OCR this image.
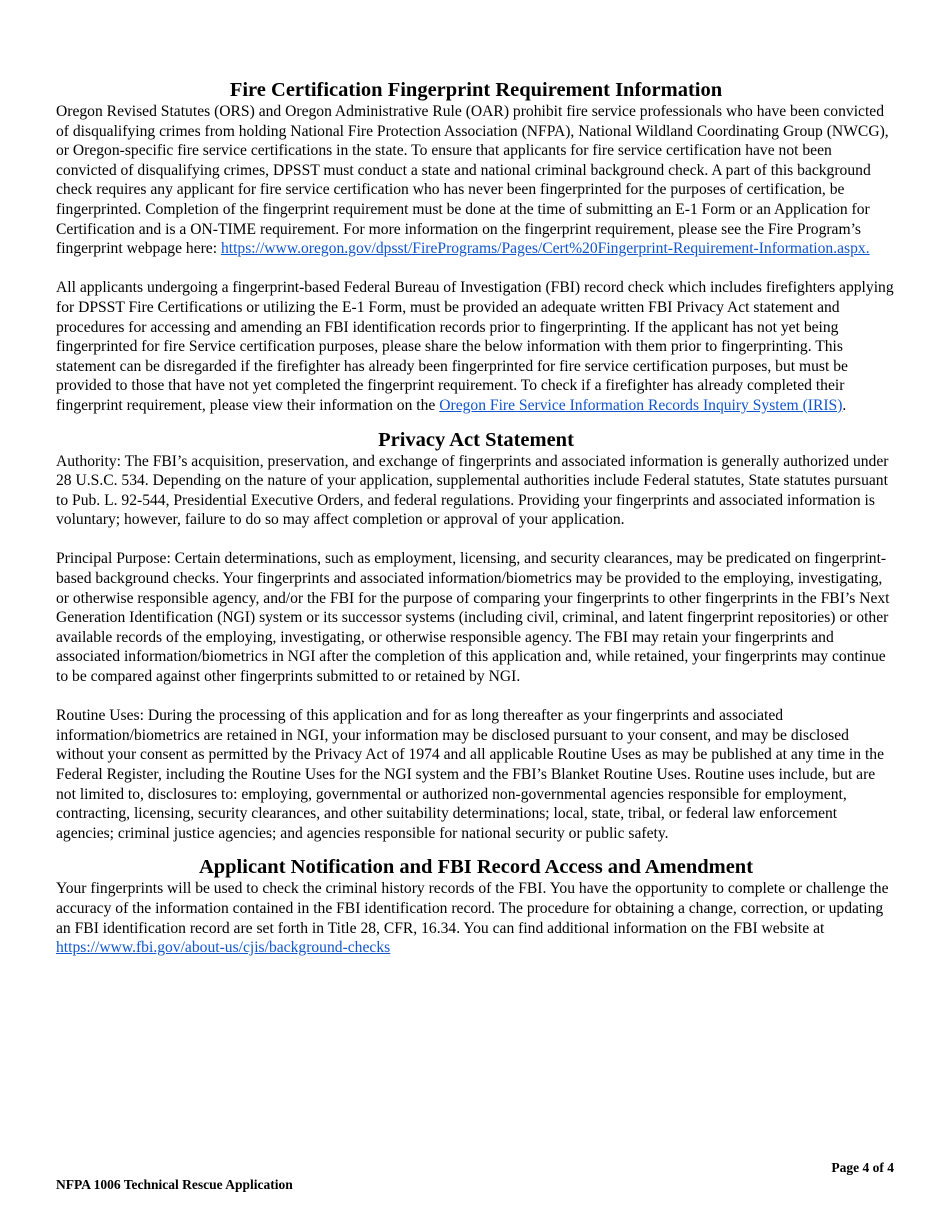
Fire Certification Fingerprint Requirement Information

Oregon Revised Statutes (ORS) and Oregon Administrative Rule (OAR) prohibit fire service professionals who have been convicted of disqualifying crimes from holding National Fire Protection Association (NFPA), National Wildland Coordinating Group (NWCG), or Oregon-specific fire service certifications in the state. To ensure that applicants for fire service certification have not been convicted of disqualifying crimes, DPSST must conduct a state and national criminal background check. A part of this background check requires any applicant for fire service certification who has never been fingerprinted for the purposes of certification, be fingerprinted. Completion of the fingerprint requirement must be done at the time of submitting an E-1 Form or an Application for Certification and is a ON-TIME requirement. For more information on the fingerprint requirement, please see the Fire Program’s fingerprint webpage here: https://www.oregon.gov/dpsst/FirePrograms/Pages/Cert%20Fingerprint-Requirement-Information.aspx.

All applicants undergoing a fingerprint-based Federal Bureau of Investigation (FBI) record check which includes firefighters applying for DPSST Fire Certifications or utilizing the E-1 Form, must be provided an adequate written FBI Privacy Act statement and procedures for accessing and amending an FBI identification records prior to fingerprinting. If the applicant has not yet being fingerprinted for fire Service certification purposes, please share the below information with them prior to fingerprinting. This statement can be disregarded if the firefighter has already been fingerprinted for fire service certification purposes, but must be provided to those that have not yet completed the fingerprint requirement. To check if a firefighter has already completed their fingerprint requirement, please view their information on the Oregon Fire Service Information Records Inquiry System (IRIS).

Privacy Act Statement

Authority: The FBI’s acquisition, preservation, and exchange of fingerprints and associated information is generally authorized under 28 U.S.C. 534. Depending on the nature of your application, supplemental authorities include Federal statutes, State statutes pursuant to Pub. L. 92-544, Presidential Executive Orders, and federal regulations. Providing your fingerprints and associated information is voluntary; however, failure to do so may affect completion or approval of your application.

Principal Purpose: Certain determinations, such as employment, licensing, and security clearances, may be predicated on fingerprint-based background checks. Your fingerprints and associated information/biometrics may be provided to the employing, investigating, or otherwise responsible agency, and/or the FBI for the purpose of comparing your fingerprints to other fingerprints in the FBI’s Next Generation Identification (NGI) system or its successor systems (including civil, criminal, and latent fingerprint repositories) or other available records of the employing, investigating, or otherwise responsible agency. The FBI may retain your fingerprints and associated information/biometrics in NGI after the completion of this application and, while retained, your fingerprints may continue to be compared against other fingerprints submitted to or retained by NGI.

Routine Uses: During the processing of this application and for as long thereafter as your fingerprints and associated information/biometrics are retained in NGI, your information may be disclosed pursuant to your consent, and may be disclosed without your consent as permitted by the Privacy Act of 1974 and all applicable Routine Uses as may be published at any time in the Federal Register, including the Routine Uses for the NGI system and the FBI’s Blanket Routine Uses. Routine uses include, but are not limited to, disclosures to: employing, governmental or authorized non-governmental agencies responsible for employment, contracting, licensing, security clearances, and other suitability determinations; local, state, tribal, or federal law enforcement agencies; criminal justice agencies; and agencies responsible for national security or public safety.

Applicant Notification and FBI Record Access and Amendment

Your fingerprints will be used to check the criminal history records of the FBI. You have the opportunity to complete or challenge the accuracy of the information contained in the FBI identification record. The procedure for obtaining a change, correction, or updating an FBI identification record are set forth in Title 28, CFR, 16.34. You can find additional information on the FBI website at https://www.fbi.gov/about-us/cjis/background-checks

Page 4 of 4
NFPA 1006 Technical Rescue Application
